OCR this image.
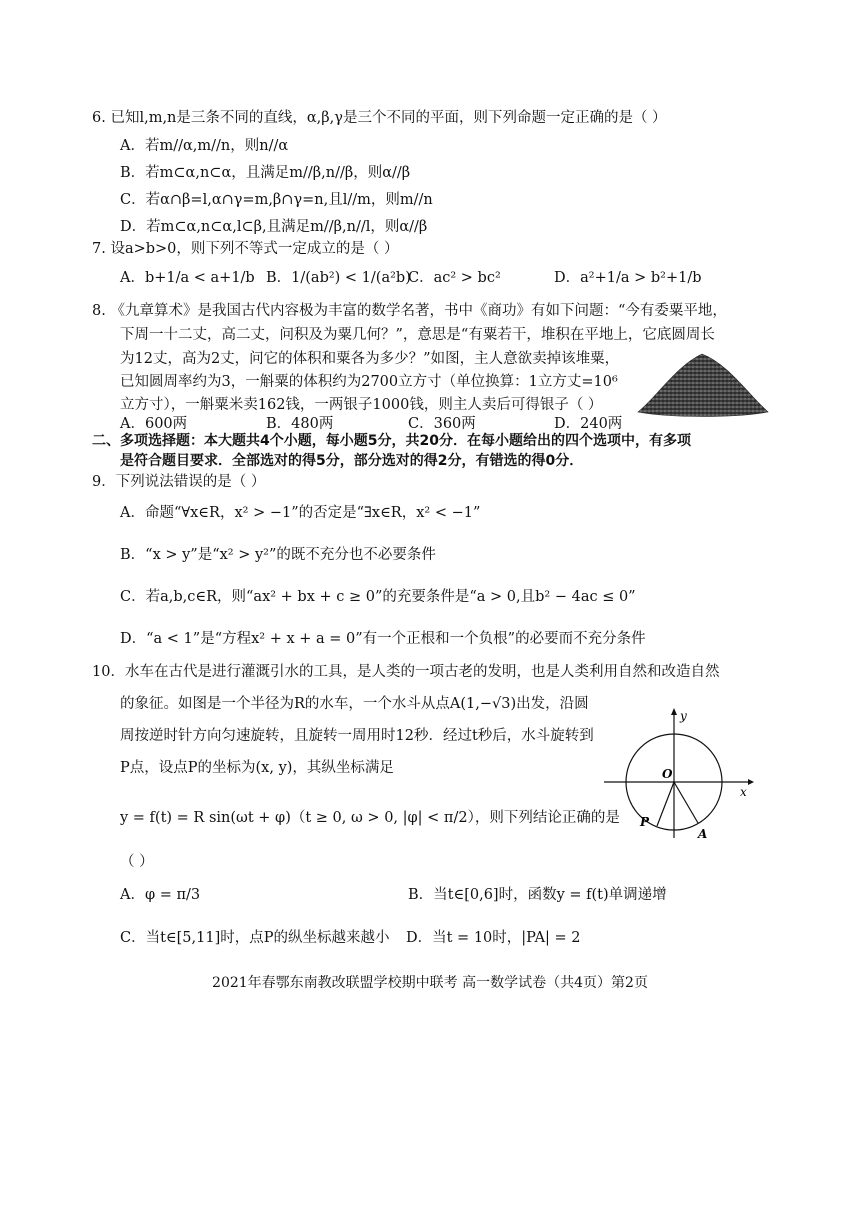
6. 已知l,m,n是三条不同的直线，α,β,γ是三个不同的平面，则下列命题一定正确的是（ ）
A．若m//α,m//n，则n//α
B．若m⊂α,n⊂α，且满足m//β,n//β，则α//β
C．若α∩β=l,α∩γ=m,β∩γ=n,且l//m，则m//n
D．若m⊂α,n⊂α,l⊂β,且满足m//β,n//l，则α//β
7. 设a>b>0，则下列不等式一定成立的是（ ）
A．b+1/a < a+1/b B．1/(ab²) < 1/(a²b)
C．ac² > bc²	D．a²+1/a > b²+1/b
8. 《九章算术》是我国古代内容极为丰富的数学名著，书中《商功》有如下问题：“今有委粟平地，
下周一十二丈，高二丈，问积及为粟几何？”，意思是“有粟若干，堆积在平地上，它底圆周长
为12丈，高为2丈，问它的体积和粟各为多少？”如图，主人意欲卖掉该堆粟，
已知圆周率约为3，一斛粟的体积约为2700立方寸（单位换算：1立方丈=10⁶
立方寸），一斛粟米卖162钱，一两银子1000钱，则主人卖后可得银子（ ）
A．600两	B．480两	C．360两	D．240两
二、多项选择题：本大题共4个小题，每小题5分，共20分．在每小题给出的四个选项中，有多项
是符合题目要求．全部选对的得5分，部分选对的得2分，有错选的得0分．
9．下列说法错误的是（ ）
A．命题“∀x∈R，x² > −1”的否定是“∃x∈R，x² < −1”
B．“x > y”是“x² > y²”的既不充分也不必要条件
C．若a,b,c∈R，则“ax² + bx + c ≥ 0”的充要条件是“a > 0,且b² − 4ac ≤ 0”
D．“a < 1”是“方程x² + x + a = 0”有一个正根和一个负根”的必要而不充分条件
10．水车在古代是进行灌溉引水的工具，是人类的一项古老的发明，也是人类利用自然和改造自然
的象征。如图是一个半径为R的水车，一个水斗从点A(1,−√3)出发，沿圆
周按逆时针方向匀速旋转，且旋转一周用时12秒．经过t秒后，水斗旋转到
P点，设点P的坐标为(x, y)，其纵坐标满足
y = f(t) = R sin(ωt + φ)（t ≥ 0, ω > 0, |φ| < π/2），则下列结论正确的是
（ ）
A．φ = π/3	B．当t∈[0,6]时，函数y = f(t)单调递增
C．当t∈[5,11]时，点P的纵坐标越来越小 D．当t = 10时，|PA| = 2
y
x
O
P
A
2021年春鄂东南教改联盟学校期中联考 高一数学试卷（共4页）第2页
